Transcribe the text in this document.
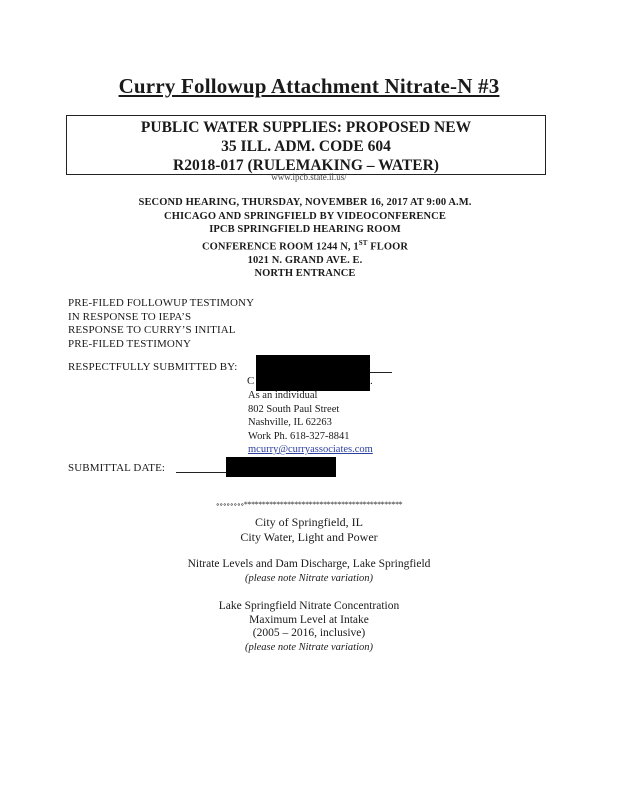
Curry Followup Attachment Nitrate-N #3
PUBLIC WATER SUPPLIES: PROPOSED NEW
35 ILL. ADM. CODE 604
R2018-017 (RULEMAKING – WATER)
www.ipcb.state.il.us/
SECOND HEARING, THURSDAY, NOVEMBER 16, 2017 AT 9:00 A.M.
CHICAGO AND SPRINGFIELD BY VIDEOCONFERENCE
IPCB SPRINGFIELD HEARING ROOM
CONFERENCE ROOM 1244 N, 1ST FLOOR
1021 N. GRAND AVE. E.
NORTH ENTRANCE
PRE-FILED FOLLOWUP TESTIMONY
IN RESPONSE TO IEPA’S
RESPONSE TO CURRY’S INITIAL
PRE-FILED TESTIMONY
RESPECTFULLY SUBMITTED BY:
C	.
As an individual
802 South Paul Street
Nashville, IL 62263
Work Ph. 618-327-8841
mcurry@curryassociates.com
SUBMITTAL DATE:
∘∘∘∘∘∘∘∘********************************************
City of Springfield, IL
City Water, Light and Power
Nitrate Levels and Dam Discharge, Lake Springfield
(please note Nitrate variation)
Lake Springfield Nitrate Concentration
Maximum Level at Intake
(2005 – 2016, inclusive)
(please note Nitrate variation)
